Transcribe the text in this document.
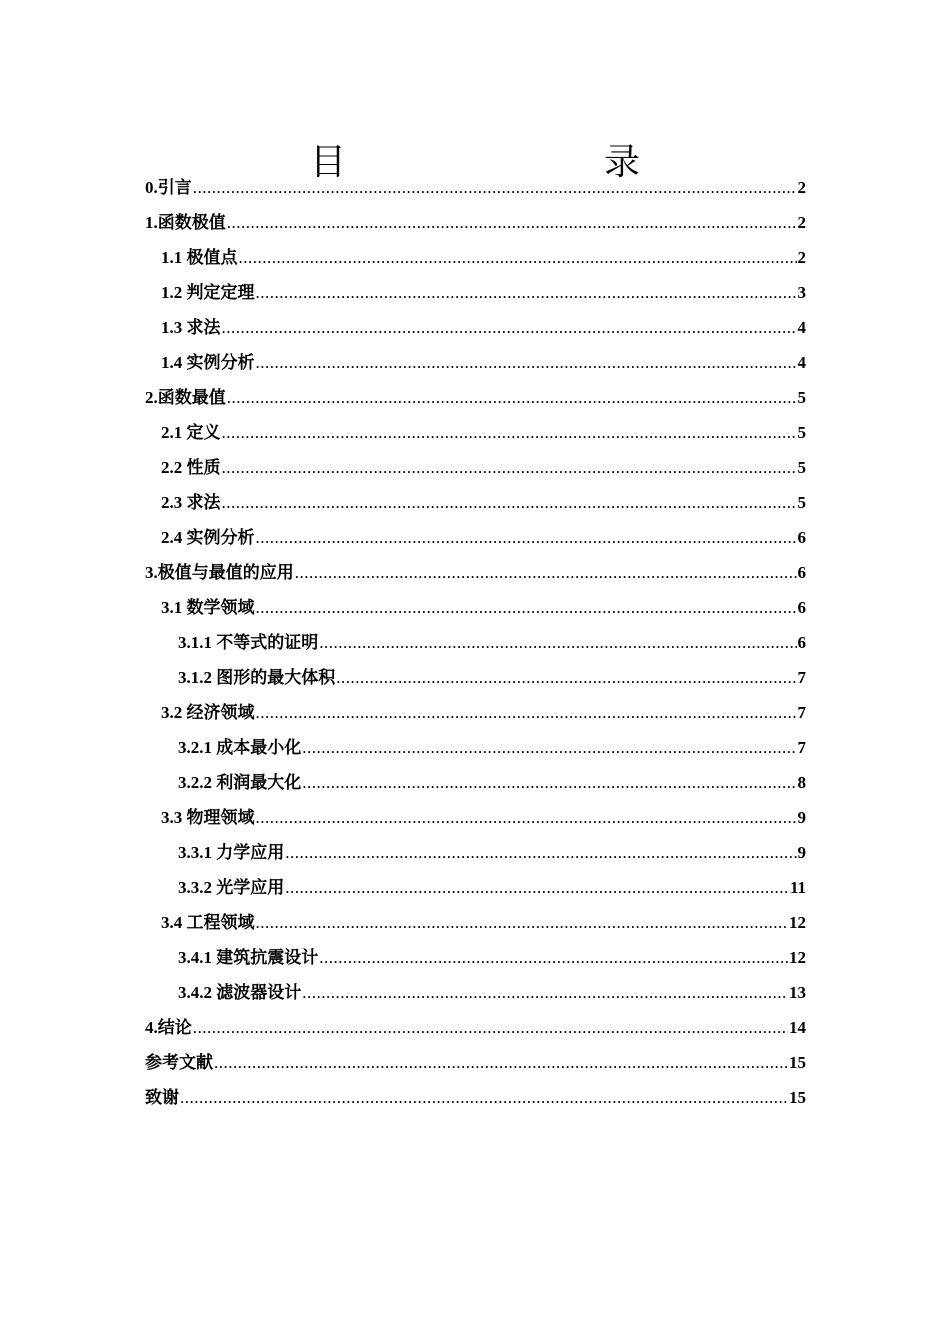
目　　录
0.引言 .....	2
1.函数极值 .....	2
1.1 极值点 .....	2
1.2 判定定理 .....	3
1.3 求法 .....	4
1.4 实例分析 .....	4
2.函数最值 .....	5
2.1 定义 .....	5
2.2 性质 .....	5
2.3 求法 .....	5
2.4 实例分析 .....	6
3.极值与最值的应用 .....	6
3.1 数学领域 .....	6
3.1.1 不等式的证明 .....	6
3.1.2 图形的最大体积 .....	7
3.2 经济领域 .....	7
3.2.1 成本最小化 .....	7
3.2.2 利润最大化 .....	8
3.3 物理领域 .....	9
3.3.1 力学应用 .....	9
3.3.2 光学应用 .....	11
3.4 工程领域 .....	12
3.4.1 建筑抗震设计 .....	12
3.4.2 滤波器设计 .....	13
4.结论 .....	14
参考文献 .....	15
致谢 .....	15
